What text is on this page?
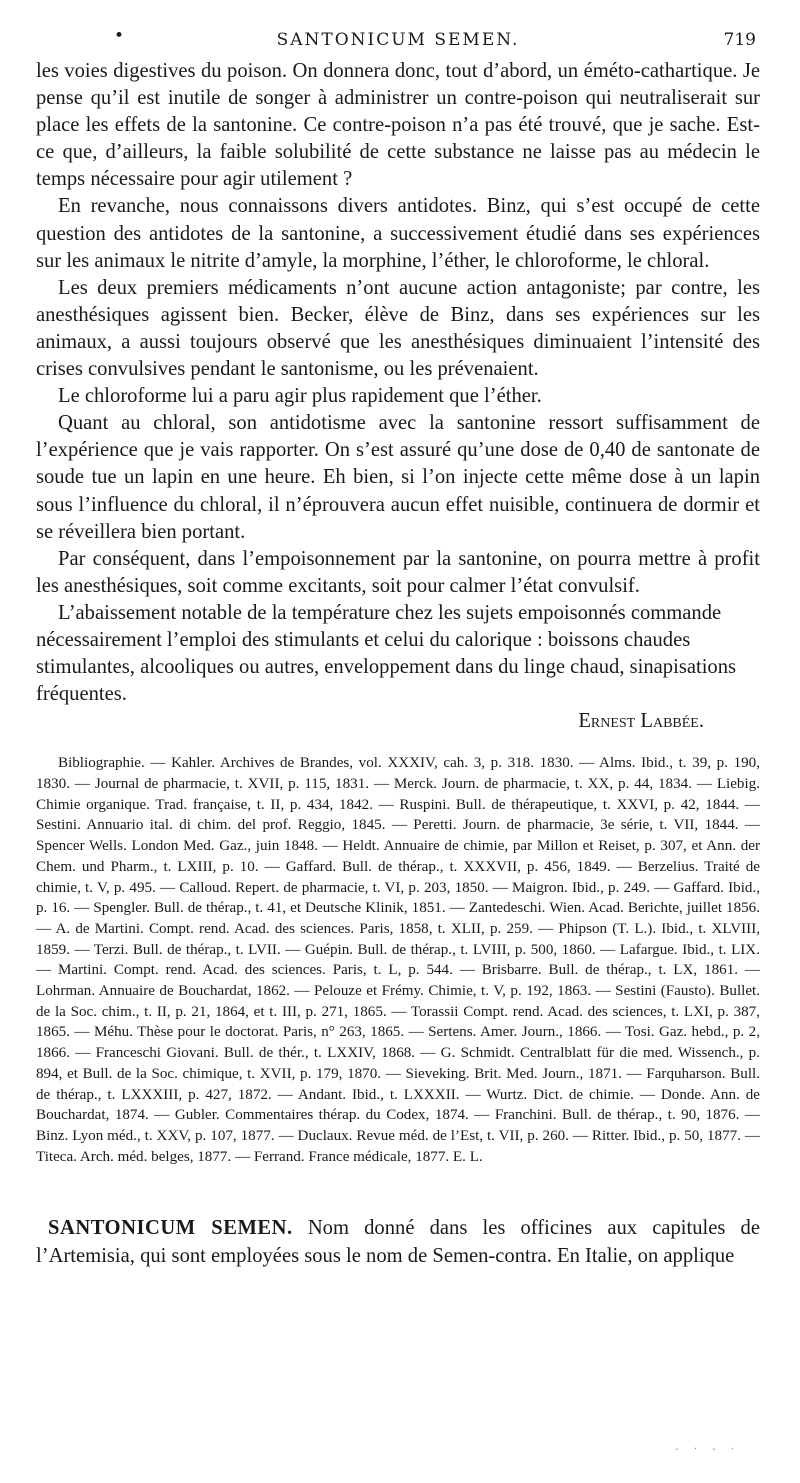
•	SANTONICUM SEMEN.	719

les voies digestives du poison. On donnera donc, tout d’abord, un éméto-cathartique. Je pense qu’il est inutile de songer à administrer un contre-poison qui neutraliserait sur place les effets de la santonine. Ce contre-poison n’a pas été trouvé, que je sache. Est-ce que, d’ailleurs, la faible solubilité de cette substance ne laisse pas au médecin le temps nécessaire pour agir utilement ?

En revanche, nous connaissons divers antidotes. Binz, qui s’est occupé de cette question des antidotes de la santonine, a successivement étudié dans ses expériences sur les animaux le nitrite d’amyle, la morphine, l’éther, le chloroforme, le chloral.

Les deux premiers médicaments n’ont aucune action antagoniste; par contre, les anesthésiques agissent bien. Becker, élève de Binz, dans ses expériences sur les animaux, a aussi toujours observé que les anesthésiques diminuaient l’intensité des crises convulsives pendant le santonisme, ou les prévenaient.

Le chloroforme lui a paru agir plus rapidement que l’éther.

Quant au chloral, son antidotisme avec la santonine ressort suffisamment de l’expérience que je vais rapporter. On s’est assuré qu’une dose de 0,40 de santonate de soude tue un lapin en une heure. Eh bien, si l’on injecte cette même dose à un lapin sous l’influence du chloral, il n’éprouvera aucun effet nuisible, continuera de dormir et se réveillera bien portant.

Par conséquent, dans l’empoisonnement par la santonine, on pourra mettre à profit les anesthésiques, soit comme excitants, soit pour calmer l’état convulsif.

L’abaissement notable de la température chez les sujets empoisonnés commande nécessairement l’emploi des stimulants et celui du calorique : boissons chaudes stimulantes, alcooliques ou autres, enveloppement dans du linge chaud, sinapisations fréquentes.

Ernest Labbée.

Bibliographie. — Kahler. Archives de Brandes, vol. XXXIV, cah. 3, p. 318. 1830. — Alms. Ibid., t. 39, p. 190, 1830. — Journal de pharmacie, t. XVII, p. 115, 1831. — Merck. Journ. de pharmacie, t. XX, p. 44, 1834. — Liebig. Chimie organique. Trad. française, t. II, p. 434, 1842. — Ruspini. Bull. de thérapeutique, t. XXVI, p. 42, 1844. — Sestini. Annuario ital. di chim. del prof. Reggio, 1845. — Peretti. Journ. de pharmacie, 3e série, t. VII, 1844. — Spencer Wells. London Med. Gaz., juin 1848. — Heldt. Annuaire de chimie, par Millon et Reiset, p. 307, et Ann. der Chem. und Pharm., t. LXIII, p. 10. — Gaffard. Bull. de thérap., t. XXXVII, p. 456, 1849. — Berzelius. Traité de chimie, t. V, p. 495. — Calloud. Repert. de pharmacie, t. VI, p. 203, 1850. — Maigron. Ibid., p. 249. — Gaffard. Ibid., p. 16. — Spengler. Bull. de thérap., t. 41, et Deutsche Klinik, 1851. — Zantedeschi. Wien. Acad. Berichte, juillet 1856. — A. de Martini. Compt. rend. Acad. des sciences. Paris, 1858, t. XLII, p. 259. — Phipson (T. L.). Ibid., t. XLVIII, 1859. — Terzi. Bull. de thérap., t. LVII. — Guépin. Bull. de thérap., t. LVIII, p. 500, 1860. — Lafargue. Ibid., t. LIX. — Martini. Compt. rend. Acad. des sciences. Paris, t. L, p. 544. — Brisbarre. Bull. de thérap., t. LX, 1861. — Lohrman. Annuaire de Bouchardat, 1862. — Pelouze et Frémy. Chimie, t. V, p. 192, 1863. — Sestini (Fausto). Bullet. de la Soc. chim., t. II, p. 21, 1864, et t. III, p. 271, 1865. — Torassii Compt. rend. Acad. des sciences, t. LXI, p. 387, 1865. — Méhu. Thèse pour le doctorat. Paris, n° 263, 1865. — Sertens. Amer. Journ., 1866. — Tosi. Gaz. hebd., p. 2, 1866. — Franceschi Giovani. Bull. de thér., t. LXXIV, 1868. — G. Schmidt. Centralblatt für die med. Wissench., p. 894, et Bull. de la Soc. chimique, t. XVII, p. 179, 1870. — Sieveking. Brit. Med. Journ., 1871. — Farquharson. Bull. de thérap., t. LXXXIII, p. 427, 1872. — Andant. Ibid., t. LXXXII. — Wurtz. Dict. de chimie. — Donde. Ann. de Bouchardat, 1874. — Gubler. Commentaires thérap. du Codex, 1874. — Franchini. Bull. de thérap., t. 90, 1876. — Binz. Lyon méd., t. XXV, p. 107, 1877. — Duclaux. Revue méd. de l’Est, t. VII, p. 260. — Ritter. Ibid., p. 50, 1877. — Titeca. Arch. méd. belges, 1877. — Ferrand. France médicale, 1877. E. L.

SANTONICUM SEMEN. Nom donné dans les officines aux capitules de l’Artemisia, qui sont employées sous le nom de Semen-contra. En Italie, on applique

- · - ·
